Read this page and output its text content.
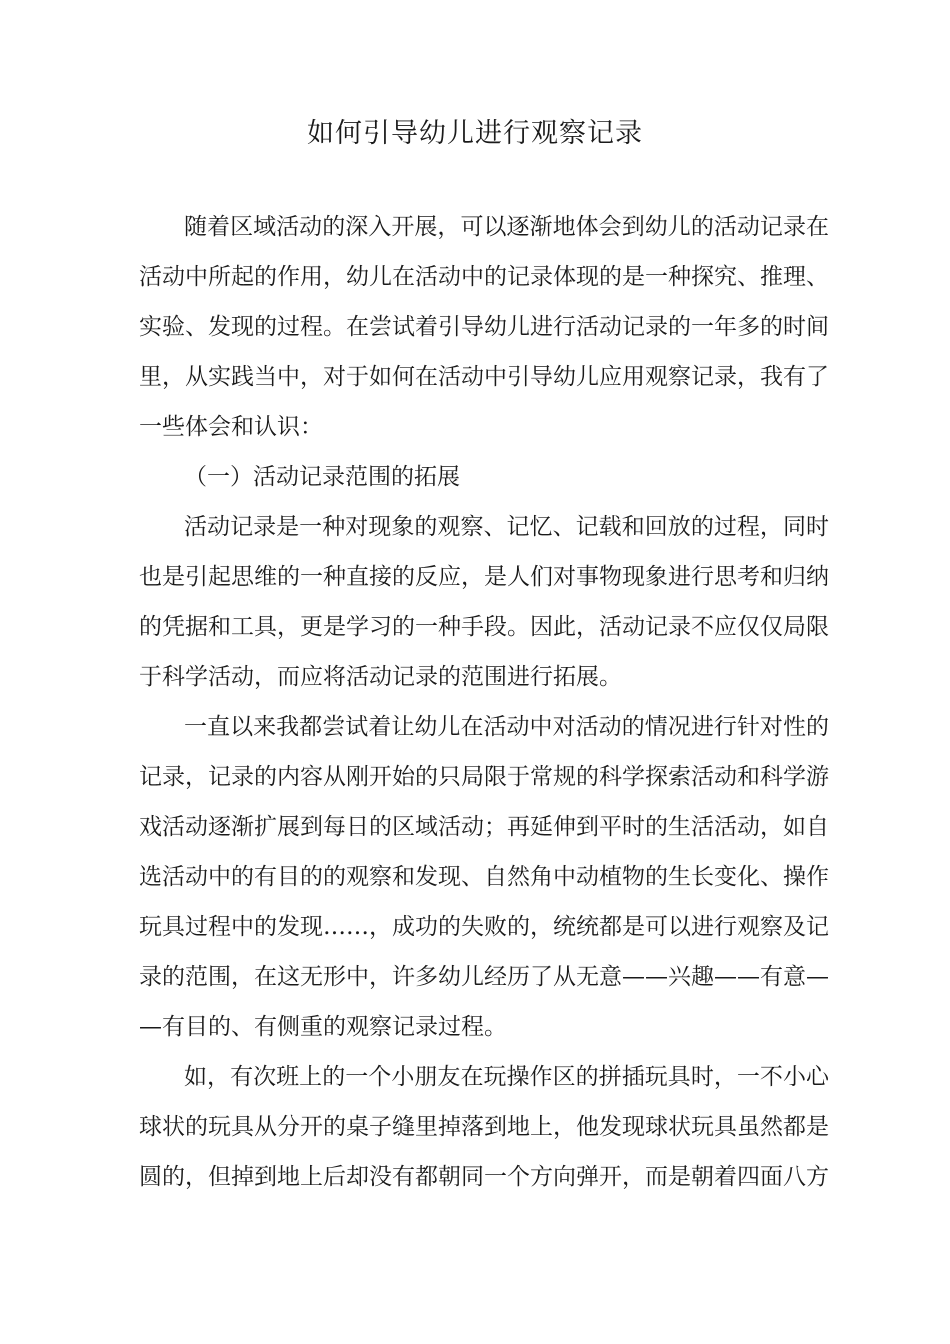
如何引导幼儿进行观察记录

随着区域活动的深入开展，可以逐渐地体会到幼儿的活动记录在

活动中所起的作用，幼儿在活动中的记录体现的是一种探究、推理、

实验、发现的过程。在尝试着引导幼儿进行活动记录的一年多的时间

里，从实践当中，对于如何在活动中引导幼儿应用观察记录，我有了

一些体会和认识：

（一）活动记录范围的拓展

活动记录是一种对现象的观察、记忆、记载和回放的过程，同时

也是引起思维的一种直接的反应，是人们对事物现象进行思考和归纳

的凭据和工具，更是学习的一种手段。因此，活动记录不应仅仅局限

于科学活动，而应将活动记录的范围进行拓展。

一直以来我都尝试着让幼儿在活动中对活动的情况进行针对性的

记录，记录的内容从刚开始的只局限于常规的科学探索活动和科学游

戏活动逐渐扩展到每日的区域活动；再延伸到平时的生活活动，如自

选活动中的有目的的观察和发现、自然角中动植物的生长变化、操作

玩具过程中的发现……，成功的失败的，统统都是可以进行观察及记

录的范围，在这无形中，许多幼儿经历了从无意——兴趣——有意—

—有目的、有侧重的观察记录过程。

如，有次班上的一个小朋友在玩操作区的拼插玩具时，一不小心

球状的玩具从分开的桌子缝里掉落到地上，他发现球状玩具虽然都是

圆的，但掉到地上后却没有都朝同一个方向弹开，而是朝着四面八方
